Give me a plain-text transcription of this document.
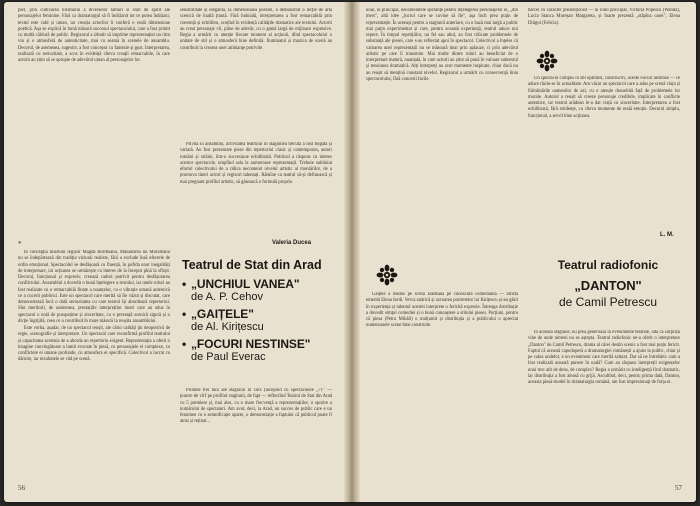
plet, prin cultivarea lirismului a diverselor lamuri si stari de spirit ale personajelor feminine. Fără ca dramaturgul să fi îndrăznit tot ce putea îndrăzni, textul este cald și uman, iar creația actorilor îi conferă o reală dimensiune poetică. Așa se explică în bună măsură succesul spectacolului, care a fost primit cu multă căldură de public. Regizorul a izbutit să imprime reprezentației un ritm viu și o atmosferă de autenticitate, mai cu seamă în scenele de ansamblu. Decorul, de asemenea, sugestiv, a fost conceput cu fantezie și gust. Interpretarea, realizată cu seriozitate, a scos în evidență cîteva creații remarcabile, în care actorii au știut să se apropie de adevărul uman al personajelor lor.

*

În concepția tînărului regizor Magda Bordeianu, Mănăstirea lui Morăreanu nu se îndepărtează din tradiția viziunii realiste, fără a exclude însă efectele de ordin emoțional. Spectacolul se desfășoară cu fluență, în pofida unor inegalități de interpretare, iar acțiunea se urmărește cu interes de la început pînă la sfîrșit. Decorul, funcțional și expresiv, creează cadrul potrivit pentru desfășurarea conflictului. Ansamblul a dovedit o bună înțelegere a textului, iar unele roluri au fost realizate cu o remarcabilă finețe a nuanțelor, cu o vibrație umană autentică ce a cucerit publicul. Este un spectacol care merită să fie văzut și discutat, care demonstrează încă o dată seriozitatea cu care teatrul își abordează repertoriul. Sînt meritorii, de asemenea, prestațiile interpreților tineri care au adus în spectacol o notă de prospețime și sinceritate, cu o prezență scenică sigură și o dicție îngrijită, ceea ce a contribuit în mare măsură la reușita ansamblului.

Este vorba, așadar, de un spectacol reușit, ale cărui calități țin deopotrivă de regie, scenografie și interpretare. Un spectacol care reconfirmă profilul teatrului și capacitatea acestuia de a aborda un repertoriu exigent. Reprezentația a oferit o imagine convingătoare a lumii evocate în piesă, cu personajele ei complexe, cu conflictele ei umane profunde, cu atmosfera ei specifică. Colectivul a lucrat cu dăruire, iar rezultatele se văd pe scenă.

sensibilitate și elegantă, la dimensiunea poeziei, a demonstrat o lecție de artă scenică de înaltă ținută. Fără îndoială, interpretarea a fost remarcabilă prin coerență și echilibru, scoțînd în evidență calitățile dramatice ale textului. Actorii au creat personaje vii, pline de adevăr, cu o gamă largă de mijloace expresive. Regia a urmărit cu atenție fiecare moment al acțiunii, dînd spectacolului o unitate de stil și o atmosferă bine definită. Iluminatul și muzica de scenă au contribuit la crearea unei ambianțe potrivite.

Privită în ansamblu, activitatea teatrului în stagiunea trecută a fost bogată și variată. Au fost prezentate piese din repertoriul clasic și contemporan, autori români și străini, într-o succesiune echilibrată. Publicul a răspuns cu interes acestor spectacole, umplînd sala la numeroase reprezentații. Trebuie subliniat efortul colectivului de a ridica necontenit nivelul artistic al montărilor, de a promova tineri actori și regizori talentați. Rămîne ca teatrul să-și definească și mai pregnant profilul artistic, să găsească o formulă proprie.

Valeria Ducea
Teatrul de Stat din Arad
• „UNCHIUL VANEA"
de A. P. Cehov
• „GAIȚELE"
de Al. Kirițescu
• „FOCURI NESTINSE"
de Paul Everac

Primele trei luni ale stagiunii în curs (începînd cu spectacolele „71" — puncte de vîrf pe profilul stagiunii, de fapt — reflectînd Teatrul de Stat din Arad cu 5 premiere și, mai ales, cu o mare frecvență a reprezentațiilor, o sporire a numărului de spectatori. Am avut, deci, la Arad, un succes de public care e un fenomen cu o semnificație aparte, o demonstrație a faptului că publicul poate fi atras și reținut...

56

unui, în principal, necontenitele speranțe pentru înțelegerea personajelor ei, „din mers", altă idee „lucrul care se cuvine să fie", așa încît prea puțin de reprezentație. În aceeași pentru a stagiunii anteriore, cu o bază mai largă a public mai puțin experimentat și care, pentru această experiență, teatrul aduce noi repere. În timpul repetițiilor, un fel sau altul, au fost ridicate problemele de substanță ale piesei, care s-au reflectat apoi în spectacol. Colectivul a înțeles că valoarea unei reprezentații nu se măsoară doar prin aplauze, ci prin adevărul artistic pe care îl transmite. Mai multe dintre roluri au beneficiat de o interpretare matură, nuanțată, în care actorii au știut să pună în valoare subtextul și tensiunea dramatică. Alți interpreți au avut momente inspirate, chiar dacă nu au reușit să mențină constant nivelul. Regizorul a urmărit cu consecvență linia spectacolului, fără concesii facile.

Gaițele a readus pe scenă arădeană pe cunoscuta comediantă — artista emerită Elena Iordi. Verva satirică și savoarea portretelor lui Kirițescu și-au găsit în experiența și talentul acestei interprete o fericită expresie. Întreaga distribuție a dovedit simțul comediei și o bună cunoaștere a stilului piesei. Porțiuni, pentru că piesa (Petru Mihăil) o mulțumit și distribuția și a publicului o apreciat numeroasele scene bine construite.

barcei cu caracter prezenționist — în rolul principal, Victoria Popescu (Wanda), Lucia Stanca Mureșan Margareta, și foarte prezentă „stăpîna casei", Elena Drăgoi (Felicia).

Un spectacol compus în stil optimist, constructiv, aceste Focuri nestinse — ce aduce rîndu-se în actualitate. Am văzut un spectacol care a adus pe scenă viața și frămîntările oamenilor de azi, cu o atenție deosebită față de problemele lor morale. Autorul a reușit să creeze personaje credibile, implicate în conflicte autentice, iar teatrul arădean le-a dat viață cu sinceritate. Interpretarea a fost echilibrată, fără stridențe, cu cîteva momente de reală emoție. Decorul simplu, funcțional, a servit bine acțiunea.

L. M.
Teatrul radiofonic
„DANTON"
de Camil Petrescu

În această stagiune, nu prea generoasă în evenimente teatrale, iată că surpriza vine de unde nimeni nu se aștepta. Teatrul radiofonic ne-a oferit o interpretare „Danton" de Camil Petrescu, drama al cărei destin scenic a fost mai puțin fericit. Faptul că această capodoperă a dramaturgiei românești a ajuns la public, chiar și pe calea undelor, e un eveniment care merită salutat. Dar să ne întrebăm: cum a fost realizată această punere în undă? Cum au răspuns interpreții exigențelor unui text atît de dens, de complex? Regia a urmărit cu inteligență firul dramatic, iar distribuția a fost aleasă cu grijă. Ascultînd, deci, pentru prima dată, Danton, aceasta piesă-model în dramaturgia română, am fost impresionați de forța ei.

57
